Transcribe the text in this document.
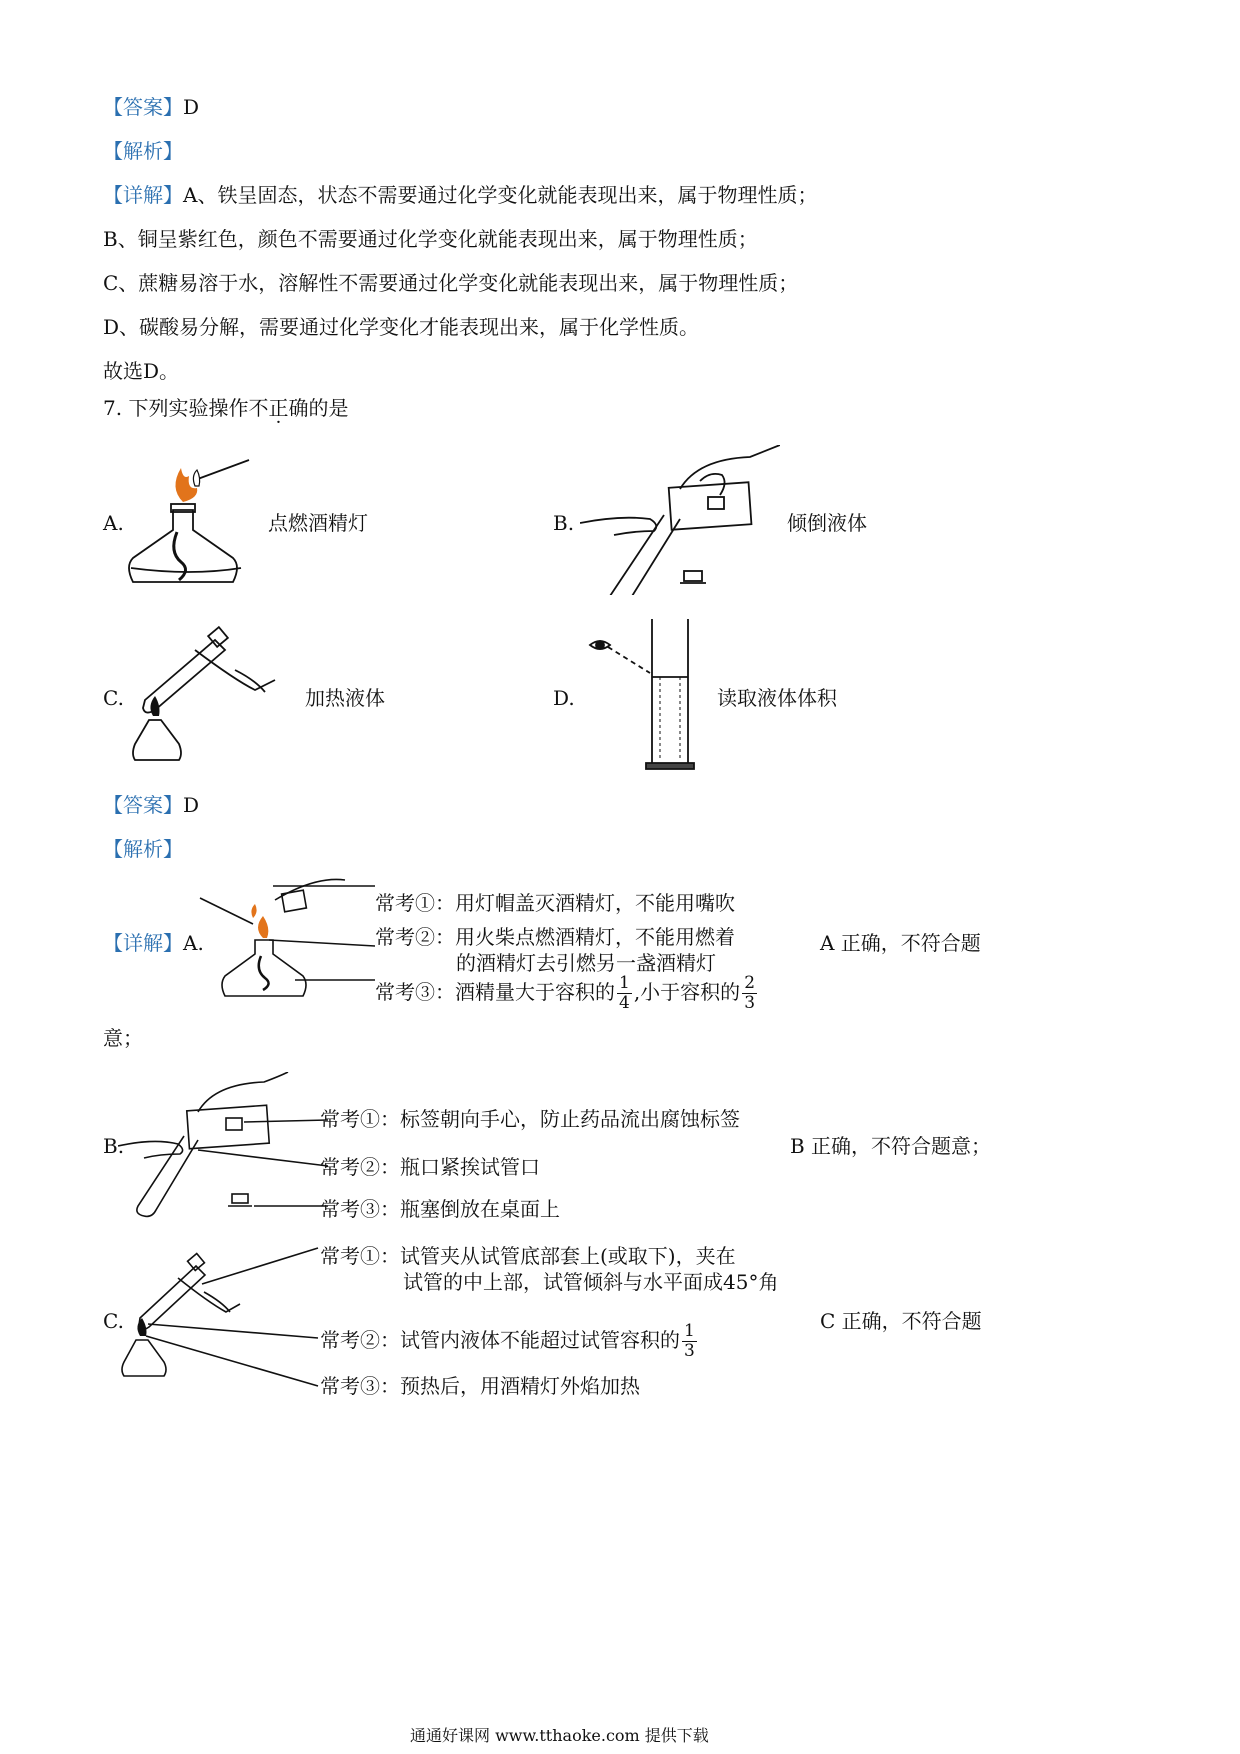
【答案】D
【解析】
【详解】A、铁呈固态，状态不需要通过化学变化就能表现出来，属于物理性质；
B、铜呈紫红色，颜色不需要通过化学变化就能表现出来，属于物理性质；
C、蔗糖易溶于水，溶解性不需要通过化学变化就能表现出来，属于物理性质；
D、碳酸易分解，需要通过化学变化才能表现出来，属于化学性质。
故选D。
7. 下列实验操作不正确的是
A.	点燃酒精灯	B.	倾倒液体
C.	加热液体	D.	读取液体体积
【答案】D
【解析】
【详解】A.
常考①：用灯帽盖灭酒精灯，不能用嘴吹
常考②：用火柴点燃酒精灯，不能用燃着
的酒精灯去引燃另一盏酒精灯
常考③：酒精量大于容积的 $\frac{1}{4}$ ,小于容积的 $\frac{2}{3}$
A 正确，不符合题
意；
B.
常考①：标签朝向手心，防止药品流出腐蚀标签
常考②：瓶口紧挨试管口
常考③：瓶塞倒放在桌面上
B 正确，不符合题意；
C.
常考①：试管夹从试管底部套上(或取下)，夹在
试管的中上部，试管倾斜与水平面成45°角
常考②：试管内液体不能超过试管容积的 $\frac{1}{3}$
常考③：预热后，用酒精灯外焰加热
C 正确，不符合题
通通好课网 www.tthaoke.com 提供下载
